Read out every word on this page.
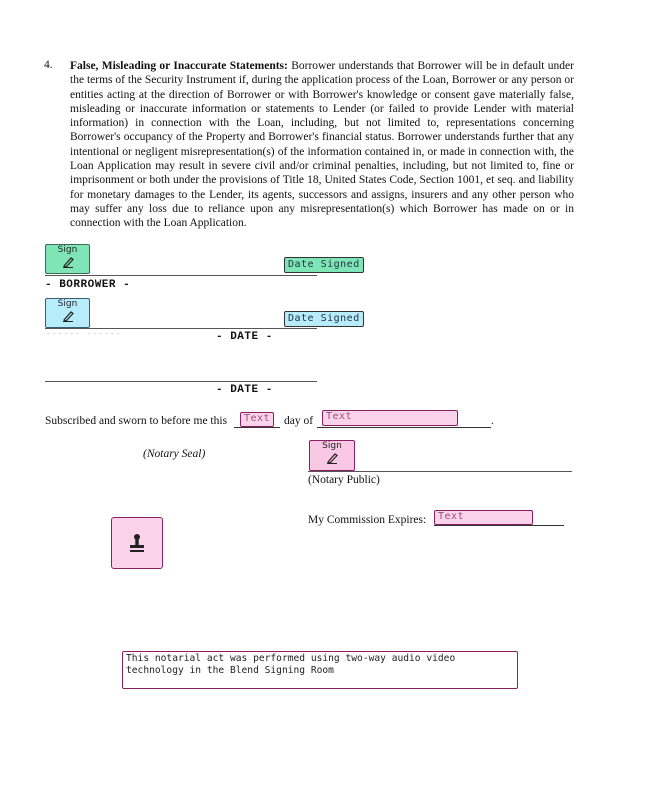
4. False, Misleading or Inaccurate Statements: Borrower understands that Borrower will be in default under the terms of the Security Instrument if, during the application process of the Loan, Borrower or any person or entities acting at the direction of Borrower or with Borrower's knowledge or consent gave materially false, misleading or inaccurate information or statements to Lender (or failed to provide Lender with material information) in connection with the Loan, including, but not limited to, representations concerning Borrower's occupancy of the Property and Borrower's financial status. Borrower understands further that any intentional or negligent misrepresentation(s) of the information contained in, or made in connection with, the Loan Application may result in severe civil and/or criminal penalties, including, but not limited to, fine or imprisonment or both under the provisions of Title 18, United States Code, Section 1001, et seq. and liability for monetary damages to the Lender, its agents, successors and assigns, insurers and any other person who may suffer any loss due to reliance upon any misrepresentation(s) which Borrower has made on or in connection with the Loan Application.
Sign
Date Signed
- BORROWER -
Sign
Date Signed
------ ------	- DATE -
- DATE -
Subscribed and sworn to before me this	Text	day of	.
Text
(Notary Seal)
Sign
(Notary Public)
My Commission Expires:	Text
This notarial act was performed using two-way audio video
technology in the Blend Signing Room
